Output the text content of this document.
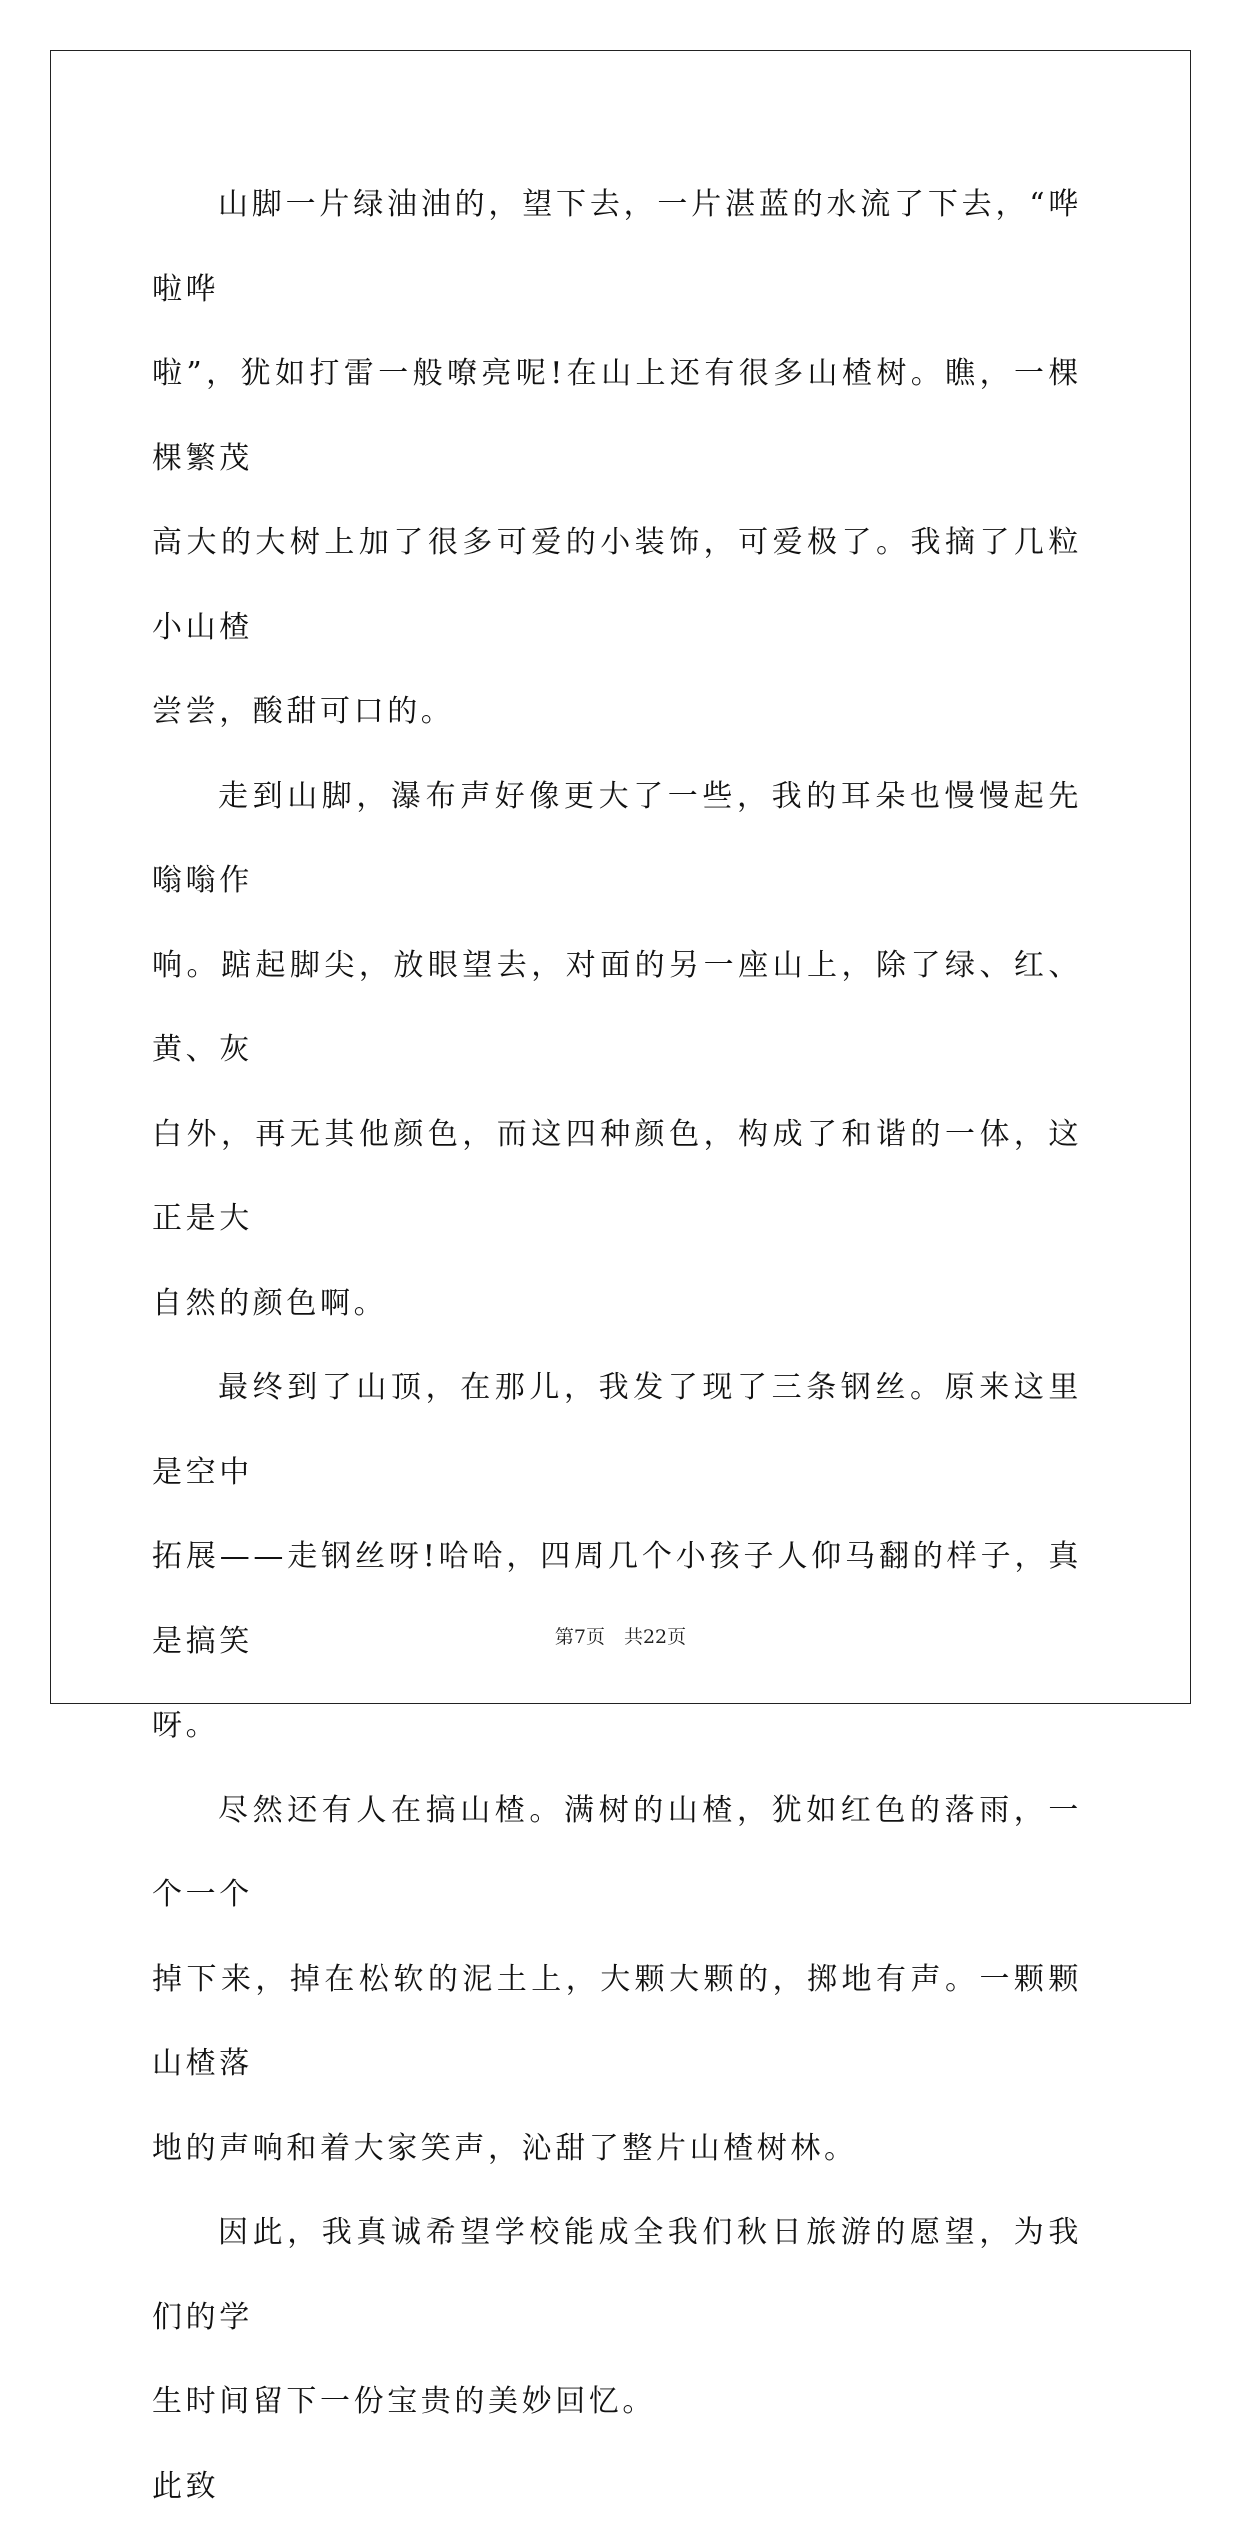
山脚一片绿油油的，望下去，一片湛蓝的水流了下去，“哗啦哗
啦”，犹如打雷一般嘹亮呢!在山上还有很多山楂树。瞧，一棵棵繁茂
高大的大树上加了很多可爱的小装饰，可爱极了。我摘了几粒小山楂
尝尝，酸甜可口的。

走到山脚，瀑布声好像更大了一些，我的耳朵也慢慢起先嗡嗡作
响。踮起脚尖，放眼望去，对面的另一座山上，除了绿、红、黄、灰
白外，再无其他颜色，而这四种颜色，构成了和谐的一体，这正是大
自然的颜色啊。

最终到了山顶，在那儿，我发了现了三条钢丝。原来这里是空中
拓展——走钢丝呀!哈哈，四周几个小孩子人仰马翻的样子，真是搞笑
呀。

尽然还有人在搞山楂。满树的山楂，犹如红色的落雨，一个一个
掉下来，掉在松软的泥土上，大颗大颗的，掷地有声。一颗颗山楂落
地的声响和着大家笑声，沁甜了整片山楂树林。

因此，我真诚希望学校能成全我们秋日旅游的愿望，为我们的学
生时间留下一份宝贵的美妙回忆。

此致

第7页　共22页
